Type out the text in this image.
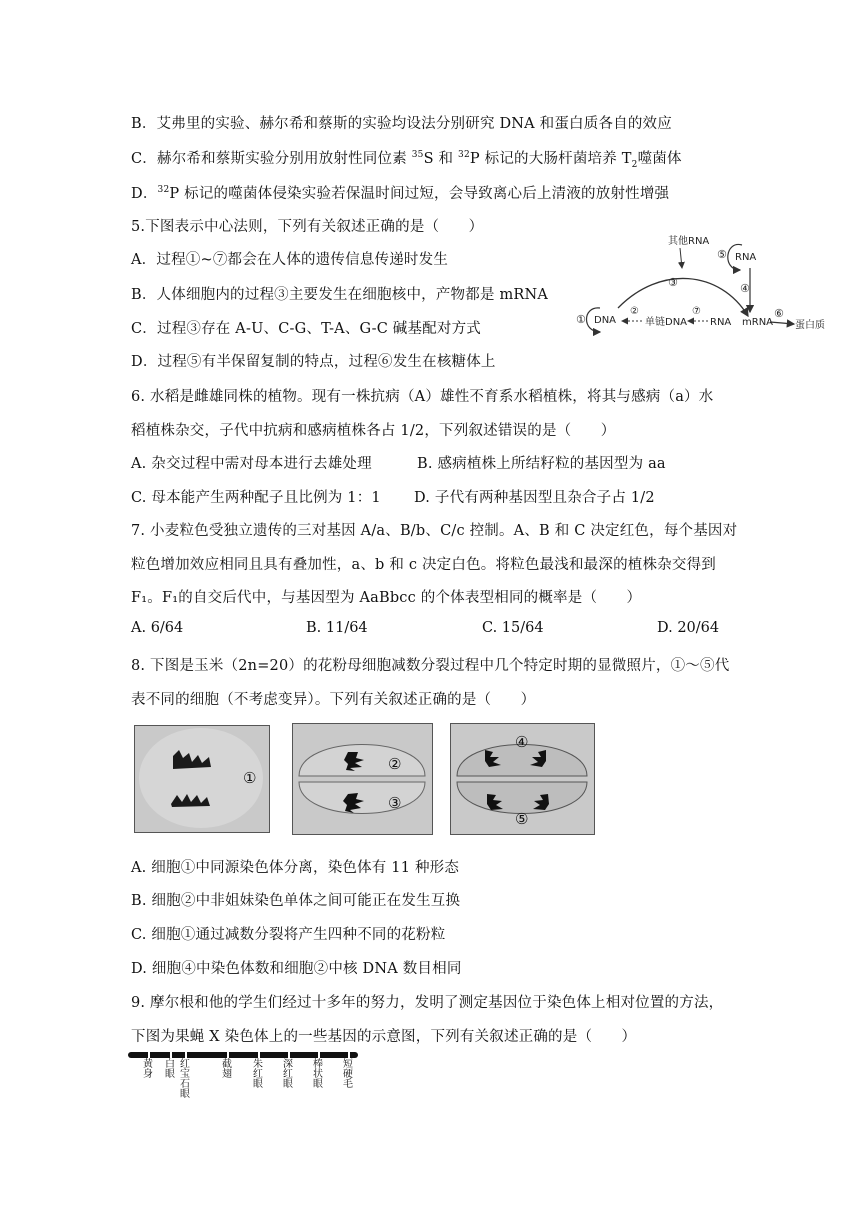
B．艾弗里的实验、赫尔希和蔡斯的实验均设法分别研究 DNA 和蛋白质各自的效应
C．赫尔希和蔡斯实验分别用放射性同位素 $^{35}$S 和 $^{32}$P 标记的大肠杆菌培养 $T_2$噬菌体
D．$^{32}$P 标记的噬菌体侵染实验若保温时间过短，会导致离心后上清液的放射性增强
5.下图表示中心法则，下列有关叙述正确的是（　　）
A．过程①~⑦都会在人体的遗传信息传递时发生
B．人体细胞内的过程③主要发生在细胞核中，产物都是 mRNA
C．过程③存在 A-U、C-G、T-A、G-C 碱基配对方式
D．过程⑤有半保留复制的特点，过程⑥发生在核糖体上
其他RNA
RNA
DNA	单链DNA RNA mRNA 蛋白质
①
②
③	④
⑤
⑥
⑦
6. 水稻是雌雄同株的植物。现有一株抗病（A）雄性不育系水稻植株，将其与感病（a）水
稻植株杂交，子代中抗病和感病植株各占 1/2，下列叙述错误的是（　　）
A. 杂交过程中需对母本进行去雄处理	B. 感病植株上所结籽粒的基因型为 aa
C. 母本能产生两种配子且比例为 1：1 D. 子代有两种基因型且杂合子占 1/2
7. 小麦粒色受独立遗传的三对基因 A/a、B/b、C/c 控制。A、B 和 C 决定红色，每个基因对
粒色增加效应相同且具有叠加性，a、b 和 c 决定白色。将粒色最浅和最深的植株杂交得到
F₁。F₁的自交后代中，与基因型为 AaBbcc 的个体表型相同的概率是（　　）
A. 6/64	B. 11/64	C. 15/64	D. 20/64
8. 下图是玉米（2n=20）的花粉母细胞减数分裂过程中几个特定时期的显微照片，①～⑤代
表不同的细胞（不考虑变异）。下列有关叙述正确的是（　　）
①
②
③
④
⑤
A. 细胞①中同源染色体分离，染色体有 11 种形态
B. 细胞②中非姐妹染色单体之间可能正在发生互换
C. 细胞①通过减数分裂将产生四种不同的花粉粒
D. 细胞④中染色体数和细胞②中核 DNA 数目相同
9. 摩尔根和他的学生们经过十多年的努力，发明了测定基因位于染色体上相对位置的方法，
下图为果蝇 X 染色体上的一些基因的示意图，下列有关叙述正确的是（　　）
黄身
白眼
红宝石眼
截翅
朱红眼
深红眼
棒状眼
短硬毛
